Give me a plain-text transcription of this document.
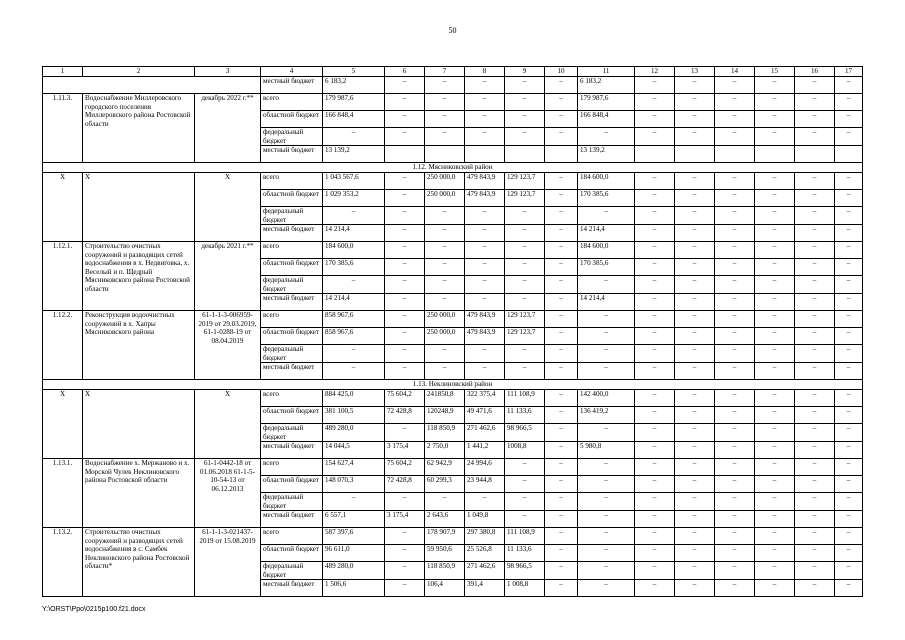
50
1	2	3	4	5	6	7	8	9	10	11	12	13	14	15	16	17
			местный бюджет	6 183,2	–	–	–	–	–	6 183,2	–	–	–	–	–	–
1.11.3.	Водоснабжение Миллеровского городского поселения Миллеровского района Ростовской области	декабрь 2022 г.**	всего	179 987,6	–	–	–	–	–	179 987,6	–	–	–	–	–	–
			областной бюджет	166 848,4	–	–	–	–	–	166 848,4	–	–	–	–	–	–
			федеральный бюджет	–	–	–	–	–	–	–	–	–	–	–	–	–
			местный бюджет	13 139,2						13 139,2						
1.12. Мясниковский район																
Х	Х	Х	всего	1 043 567,6	–	250 000,0	479 843,9	129 123,7	–	184 600,0	–	–	–	–	–	–
			областной бюджет	1 029 353,2	–	250 000,0	479 843,9	129 123,7	–	170 385,6	–	–	–	–	–	–
			федеральный бюджет	–	–	–	–	–	–	–	–	–	–	–	–	–
			местный бюджет	14 214,4	–	–	–	–	–	14 214,4	–	–	–	–	–	–
1.12.1.	Строительство очистных сооружений и разводящих сетей водоснабжения в х. Недвиговка, х. Веселый и п. Щедрый Мясниковского района Ростовской области	декабрь 2021 г.**	всего	184 600,0	–	–	–	–	–	184 600,0	–	–	–	–	–	–
			областной бюджет	170 385,6	–	–	–	–	–	170 385,6	–	–	–	–	–	–
			федеральный бюджет	–	–	–	–	–	–	–	–	–	–	–	–	–
			местный бюджет	14 214,4	–	–	–	–	–	14 214,4	–	–	–	–	–	–
1.12.2.	Реконструкция водоочистных сооружений в х. Хапры Мясниковского района	61-1-1-3-006959-2019 от 29.03.2019, 61-1-0288-19 от 08.04.2019	всего	858 967,6	–	250 000,0	479 843,9	129 123,7	–	–	–	–	–	–	–	–
			областной бюджет	858 967,6	–	250 000,0	479 843,9	129 123,7	–	–	–	–	–	–	–	–
			федеральный бюджет	–	–	–	–	–	–	–	–	–	–	–	–	–
			местный бюджет	–	–	–	–	–	–	–	–	–	–	–	–	–
1.13. Неклиновский район																
Х	Х	Х	всего	884 425,0	75 604,2	241850,8	322 375,4	111 108,9	–	142 400,0	–	–	–	–	–	–
			областной бюджет	381 100,5	72 428,8	120248,9	49 471,6	11 133,6	–	136 419,2	–	–	–	–	–	–
			федеральный бюджет	489 280,0	–	118 850,9	271 462,6	98 966,5	–	–	–	–	–	–	–	–
			местный бюджет	14 044,5	3 175,4	2 750,0	1 441,2	1008,8	–	5 980,8	–	–	–	–	–	–
1.13.1.	Водоснабжение х. Мержаново и х. Морской Чулек Неклиновского района Ростовской области	61-1-0442-18 от 01.06.2018 61-1-5-10-54-13 от 06.12.2013	всего	154 627,4	75 604,2	62 942,9	24 994,6	–	–	–	–	–	–	–	–	–
			областной бюджет	148 070,3	72 428,8	60 299,3	23 944,8	–	–	–	–	–	–	–	–	–
			федеральный бюджет	–	–	–	–	–	–	–	–	–	–	–	–	–
			местный бюджет	6 557,1	3 175,4	2 643,6	1 049,8	–	–	–	–	–	–	–	–	–
1.13.2.	Строительство очистных сооружений и разводящих сетей водоснабжения в с. Самбек Неклиновского района Ростовской области*	61-1-1-3-021437-2019 от 15.08.2019	всего	587 397,6	–	178 907,9	297 380,8	111 108,9	–	–	–	–	–	–	–	–
			областной бюджет	96 611,0	–	59 950,6	25 526,8	11 133,6	–	–	–	–	–	–	–	–
			федеральный бюджет	489 280,0	–	118 850,9	271 462,6	98 966,5	–	–	–	–	–	–	–	–
			местный бюджет	1 506,6	–	106,4	391,4	1 008,8	–	–	–	–	–	–	–	–
Y:\ORST\Ppo\0215p100.f21.docx
